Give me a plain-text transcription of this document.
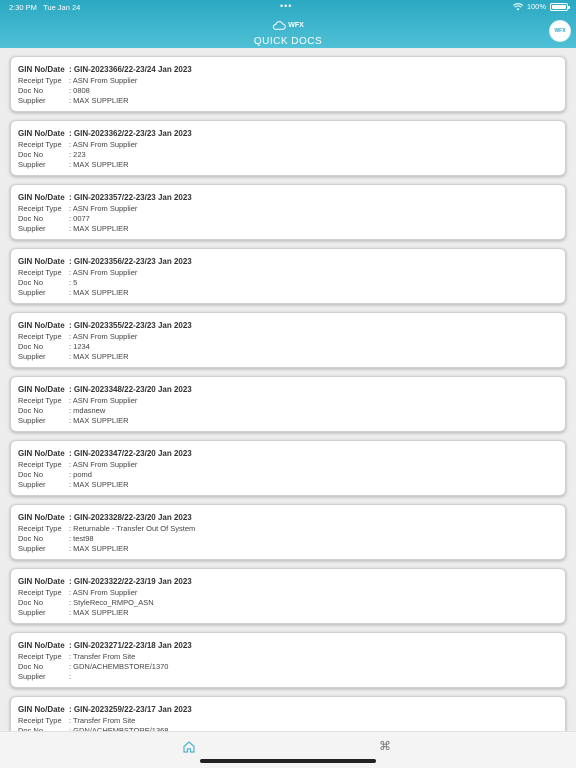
2:30 PM Tue Jan 24	•••	100%
WFX
QUICK DOCS
WFX
GIN No/Date : GIN-2023366/22-23/24 Jan 2023
Receipt Type : ASN From Supplier
Doc No	: 0808
Supplier	: MAX SUPPLIER
GIN No/Date : GIN-2023362/22-23/23 Jan 2023
Receipt Type : ASN From Supplier
Doc No	: 223
Supplier	: MAX SUPPLIER
GIN No/Date : GIN-2023357/22-23/23 Jan 2023
Receipt Type : ASN From Supplier
Doc No	: 0077
Supplier	: MAX SUPPLIER
GIN No/Date : GIN-2023356/22-23/23 Jan 2023
Receipt Type : ASN From Supplier
Doc No	: 5
Supplier	: MAX SUPPLIER
GIN No/Date : GIN-2023355/22-23/23 Jan 2023
Receipt Type : ASN From Supplier
Doc No	: 1234
Supplier	: MAX SUPPLIER
GIN No/Date : GIN-2023348/22-23/20 Jan 2023
Receipt Type : ASN From Supplier
Doc No	: mdasnew
Supplier	: MAX SUPPLIER
GIN No/Date : GIN-2023347/22-23/20 Jan 2023
Receipt Type : ASN From Supplier
Doc No	: pomd
Supplier	: MAX SUPPLIER
GIN No/Date : GIN-2023328/22-23/20 Jan 2023
Receipt Type : Returnable - Transfer Out Of System
Doc No	: test98
Supplier	: MAX SUPPLIER
GIN No/Date : GIN-2023322/22-23/19 Jan 2023
Receipt Type : ASN From Supplier
Doc No	: StyleReco_RMPO_ASN
Supplier	: MAX SUPPLIER
GIN No/Date : GIN-2023271/22-23/18 Jan 2023
Receipt Type : Transfer From Site
Doc No	: GDN/ACHEMBSTORE/1370
Supplier	:
GIN No/Date : GIN-2023259/22-23/17 Jan 2023
Receipt Type : Transfer From Site
⌘
